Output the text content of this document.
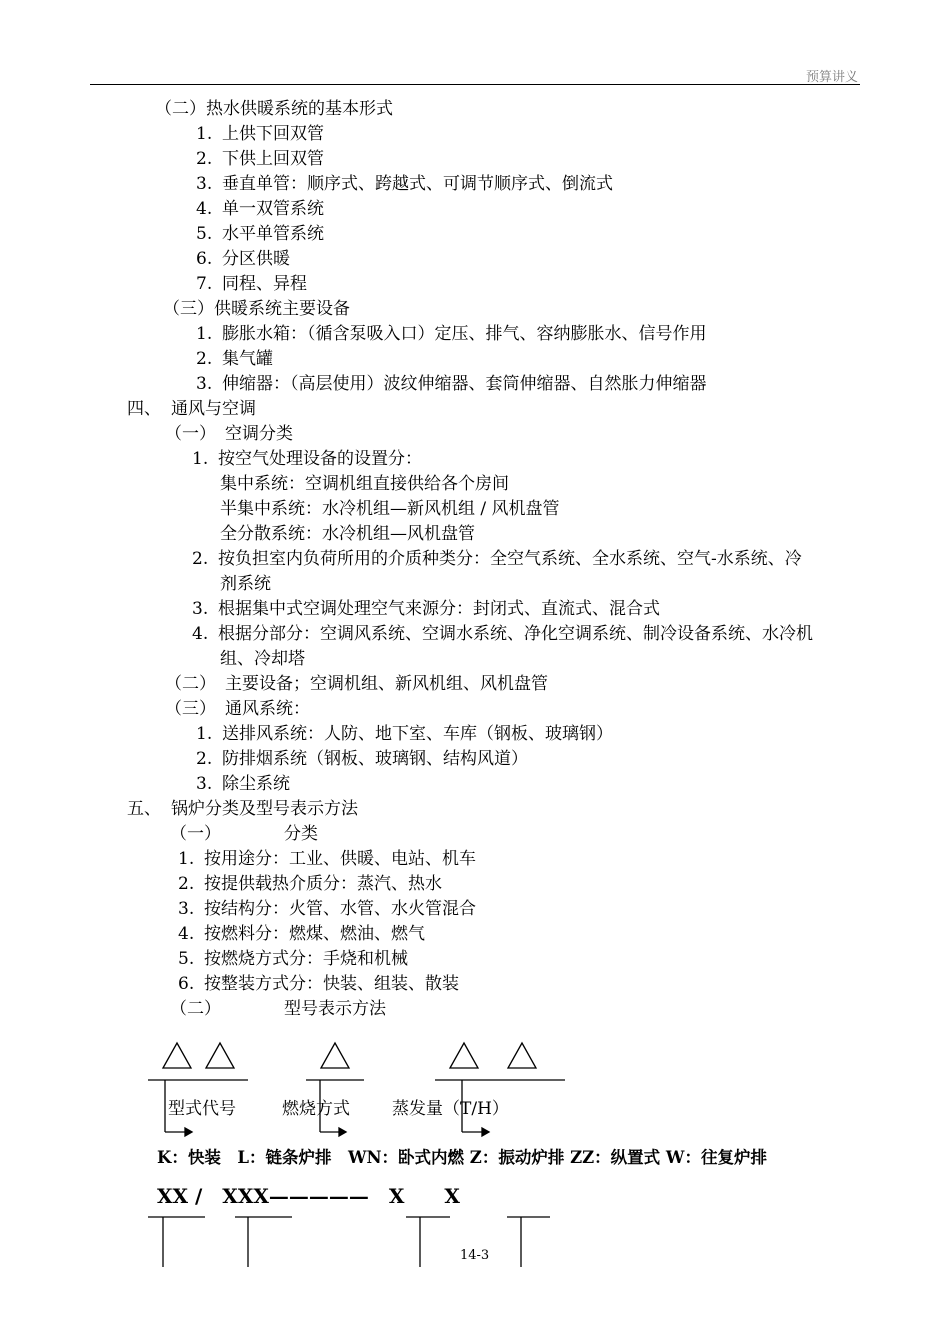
预算讲义
（二）热水供暖系统的基本形式
1. 上供下回双管
2. 下供上回双管
3. 垂直单管：顺序式、跨越式、可调节顺序式、倒流式
4. 单一双管系统
5. 水平单管系统
6. 分区供暖
7. 同程、异程
（三）供暖系统主要设备
1. 膨胀水箱：（循含泵吸入口）定压、排气、容纳膨胀水、信号作用
2. 集气罐
3. 伸缩器：（高层使用）波纹伸缩器、套筒伸缩器、自然胀力伸缩器
四、 通风与空调
（一） 空调分类
1. 按空气处理设备的设置分：
集中系统：空调机组直接供给各个房间
半集中系统：水冷机组—新风机组 / 风机盘管
全分散系统：水冷机组—风机盘管
2. 按负担室内负荷所用的介质种类分：全空气系统、全水系统、空气-水系统、冷
剂系统
3. 根据集中式空调处理空气来源分：封闭式、直流式、混合式
4. 根据分部分：空调风系统、空调水系统、净化空调系统、制冷设备系统、水冷机
组、冷却塔
（二） 主要设备；空调机组、新风机组、风机盘管
（三） 通风系统：
1. 送排风系统：人防、地下室、车库（钢板、玻璃钢）
2. 防排烟系统（钢板、玻璃钢、结构风道）
3. 除尘系统
五、 锅炉分类及型号表示方法
（一）	分类
1. 按用途分：工业、供暖、电站、机车
2. 按提供载热介质分：蒸汽、热水
3. 按结构分：火管、水管、水火管混合
4. 按燃料分：燃煤、燃油、燃气
5. 按燃烧方式分：手烧和机械
6. 按整装方式分：快装、组装、散装
（二）	型号表示方法
型式代号	燃烧方式 蒸发量（T/H）
K：快装　L：链条炉排　WN：卧式内燃 Z：振动炉排 ZZ：纵置式 W：往复炉排
XX /　XXX—————　X　　X
14-3
